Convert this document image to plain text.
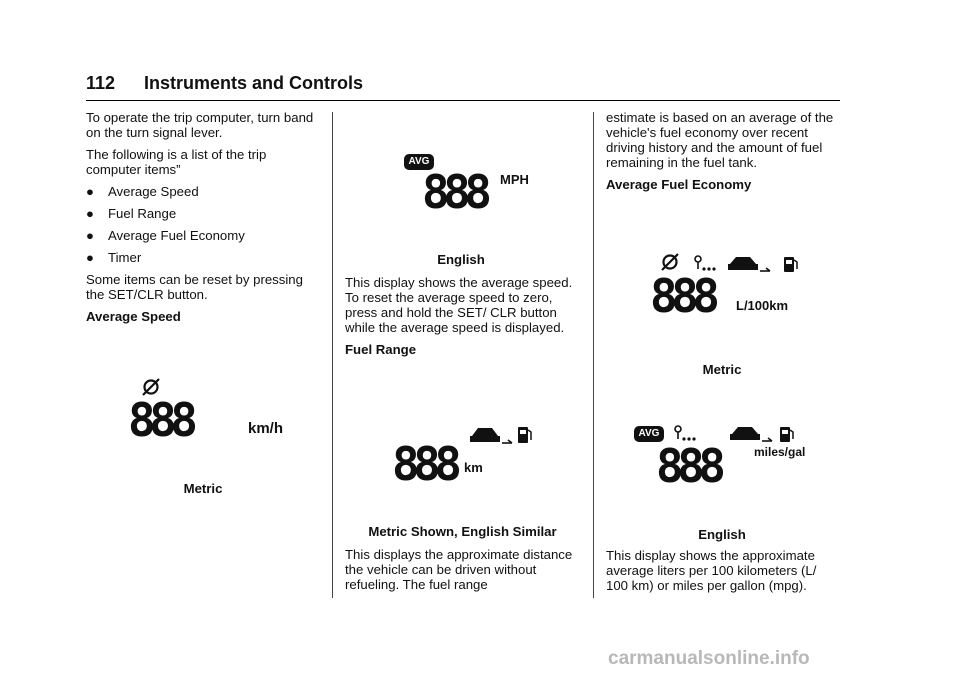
112 Instruments and Controls

To operate the trip computer, turn band on the turn signal lever.

The following is a list of the trip computer items”

●	Average Speed
●	Fuel Range
●	Average Fuel Economy
●	Timer

Some items can be reset by pressing the SET/CLR button.

Average Speed

888	km/h
Metric
AVG
888 MPH
English

This display shows the average speed. To reset the average speed to zero, press and hold the SET/ CLR button while the average speed is displayed.

Fuel Range

888 km
Metric Shown, English Similar

This displays the approximate distance the vehicle can be driven without refueling. The fuel range

estimate is based on an average of the vehicle's fuel economy over recent driving history and the amount of fuel remaining in the fuel tank.

Average Fuel Economy

888 L/100km
Metric
AVG
888 miles/gal
English

This display shows the approximate average liters per 100 kilometers (L/ 100 km) or miles per gallon (mpg).

carmanualsonline.info
